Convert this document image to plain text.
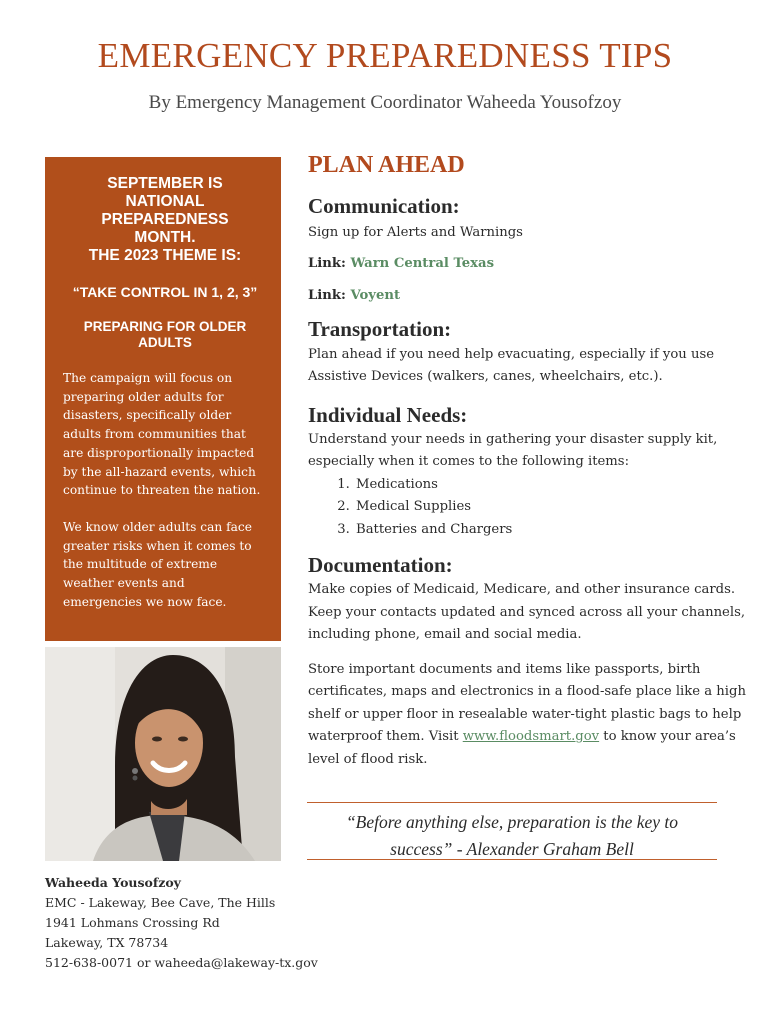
EMERGENCY PREPAREDNESS TIPS
By Emergency Management Coordinator Waheeda Yousofzoy
SEPTEMBER IS
NATIONAL
PREPAREDNESS
MONTH.
THE 2023 THEME IS:
“TAKE CONTROL IN 1, 2, 3”
PREPARING FOR OLDER
ADULTS
The campaign will focus on preparing older adults for disasters, specifically older adults from communities that are disproportionally impacted by the all-hazard events, which continue to threaten the nation.
We know older adults can face greater risks when it comes to the multitude of extreme weather events and emergencies we now face.
Waheeda Yousofzoy
EMC - Lakeway, Bee Cave, The Hills
1941 Lohmans Crossing Rd
Lakeway, TX 78734
512-638-0071 or waheeda@lakeway-tx.gov
PLAN AHEAD
Communication:
Sign up for Alerts and Warnings
Link: Warn Central Texas
Link: Voyent
Transportation:
Plan ahead if you need help evacuating, especially if you use Assistive Devices (walkers, canes, wheelchairs, etc.).
Individual Needs:
Understand your needs in gathering your disaster supply kit, especially when it comes to the following items:
1. Medications
2. Medical Supplies
3. Batteries and Chargers
Documentation:
Make copies of Medicaid, Medicare, and other insurance cards. Keep your contacts updated and synced across all your channels, including phone, email and social media.
Store important documents and items like passports, birth certificates, maps and electronics in a flood-safe place like a high shelf or upper floor in resealable water-tight plastic bags to help waterproof them. Visit www.floodsmart.gov to know your area’s level of flood risk.
“Before anything else, preparation is the key to
success” - Alexander Graham Bell
